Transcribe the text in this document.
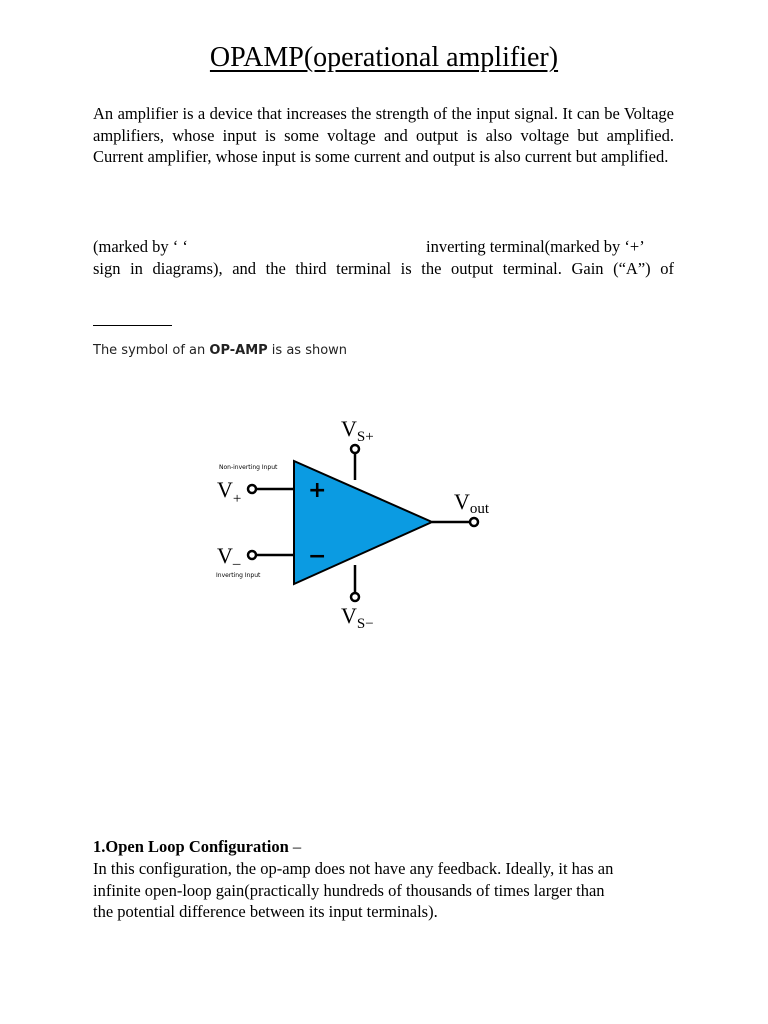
OPAMP(operational amplifier)

An amplifier is a device that increases the strength of the input signal. It can be Voltage amplifiers, whose input is some voltage and output is also voltage but amplified. Current amplifier, whose input is some current and output is also current but amplified.

(marked by ‘ ‘	inverting terminal(marked by ‘+’

sign in diagrams), and the third terminal is the output terminal. Gain (“A”) of

The symbol of an OP-AMP is as shown

+
−
$V_{S+}$
$V_{S-}$
$V_+$
V_
Vout
Non-inverting Input
Inverting Input

1.Open Loop Configuration –

In this configuration, the op-amp does not have any feedback. Ideally, it has an
infinite open-loop gain(practically hundreds of thousands of times larger than
the potential difference between its input terminals).
